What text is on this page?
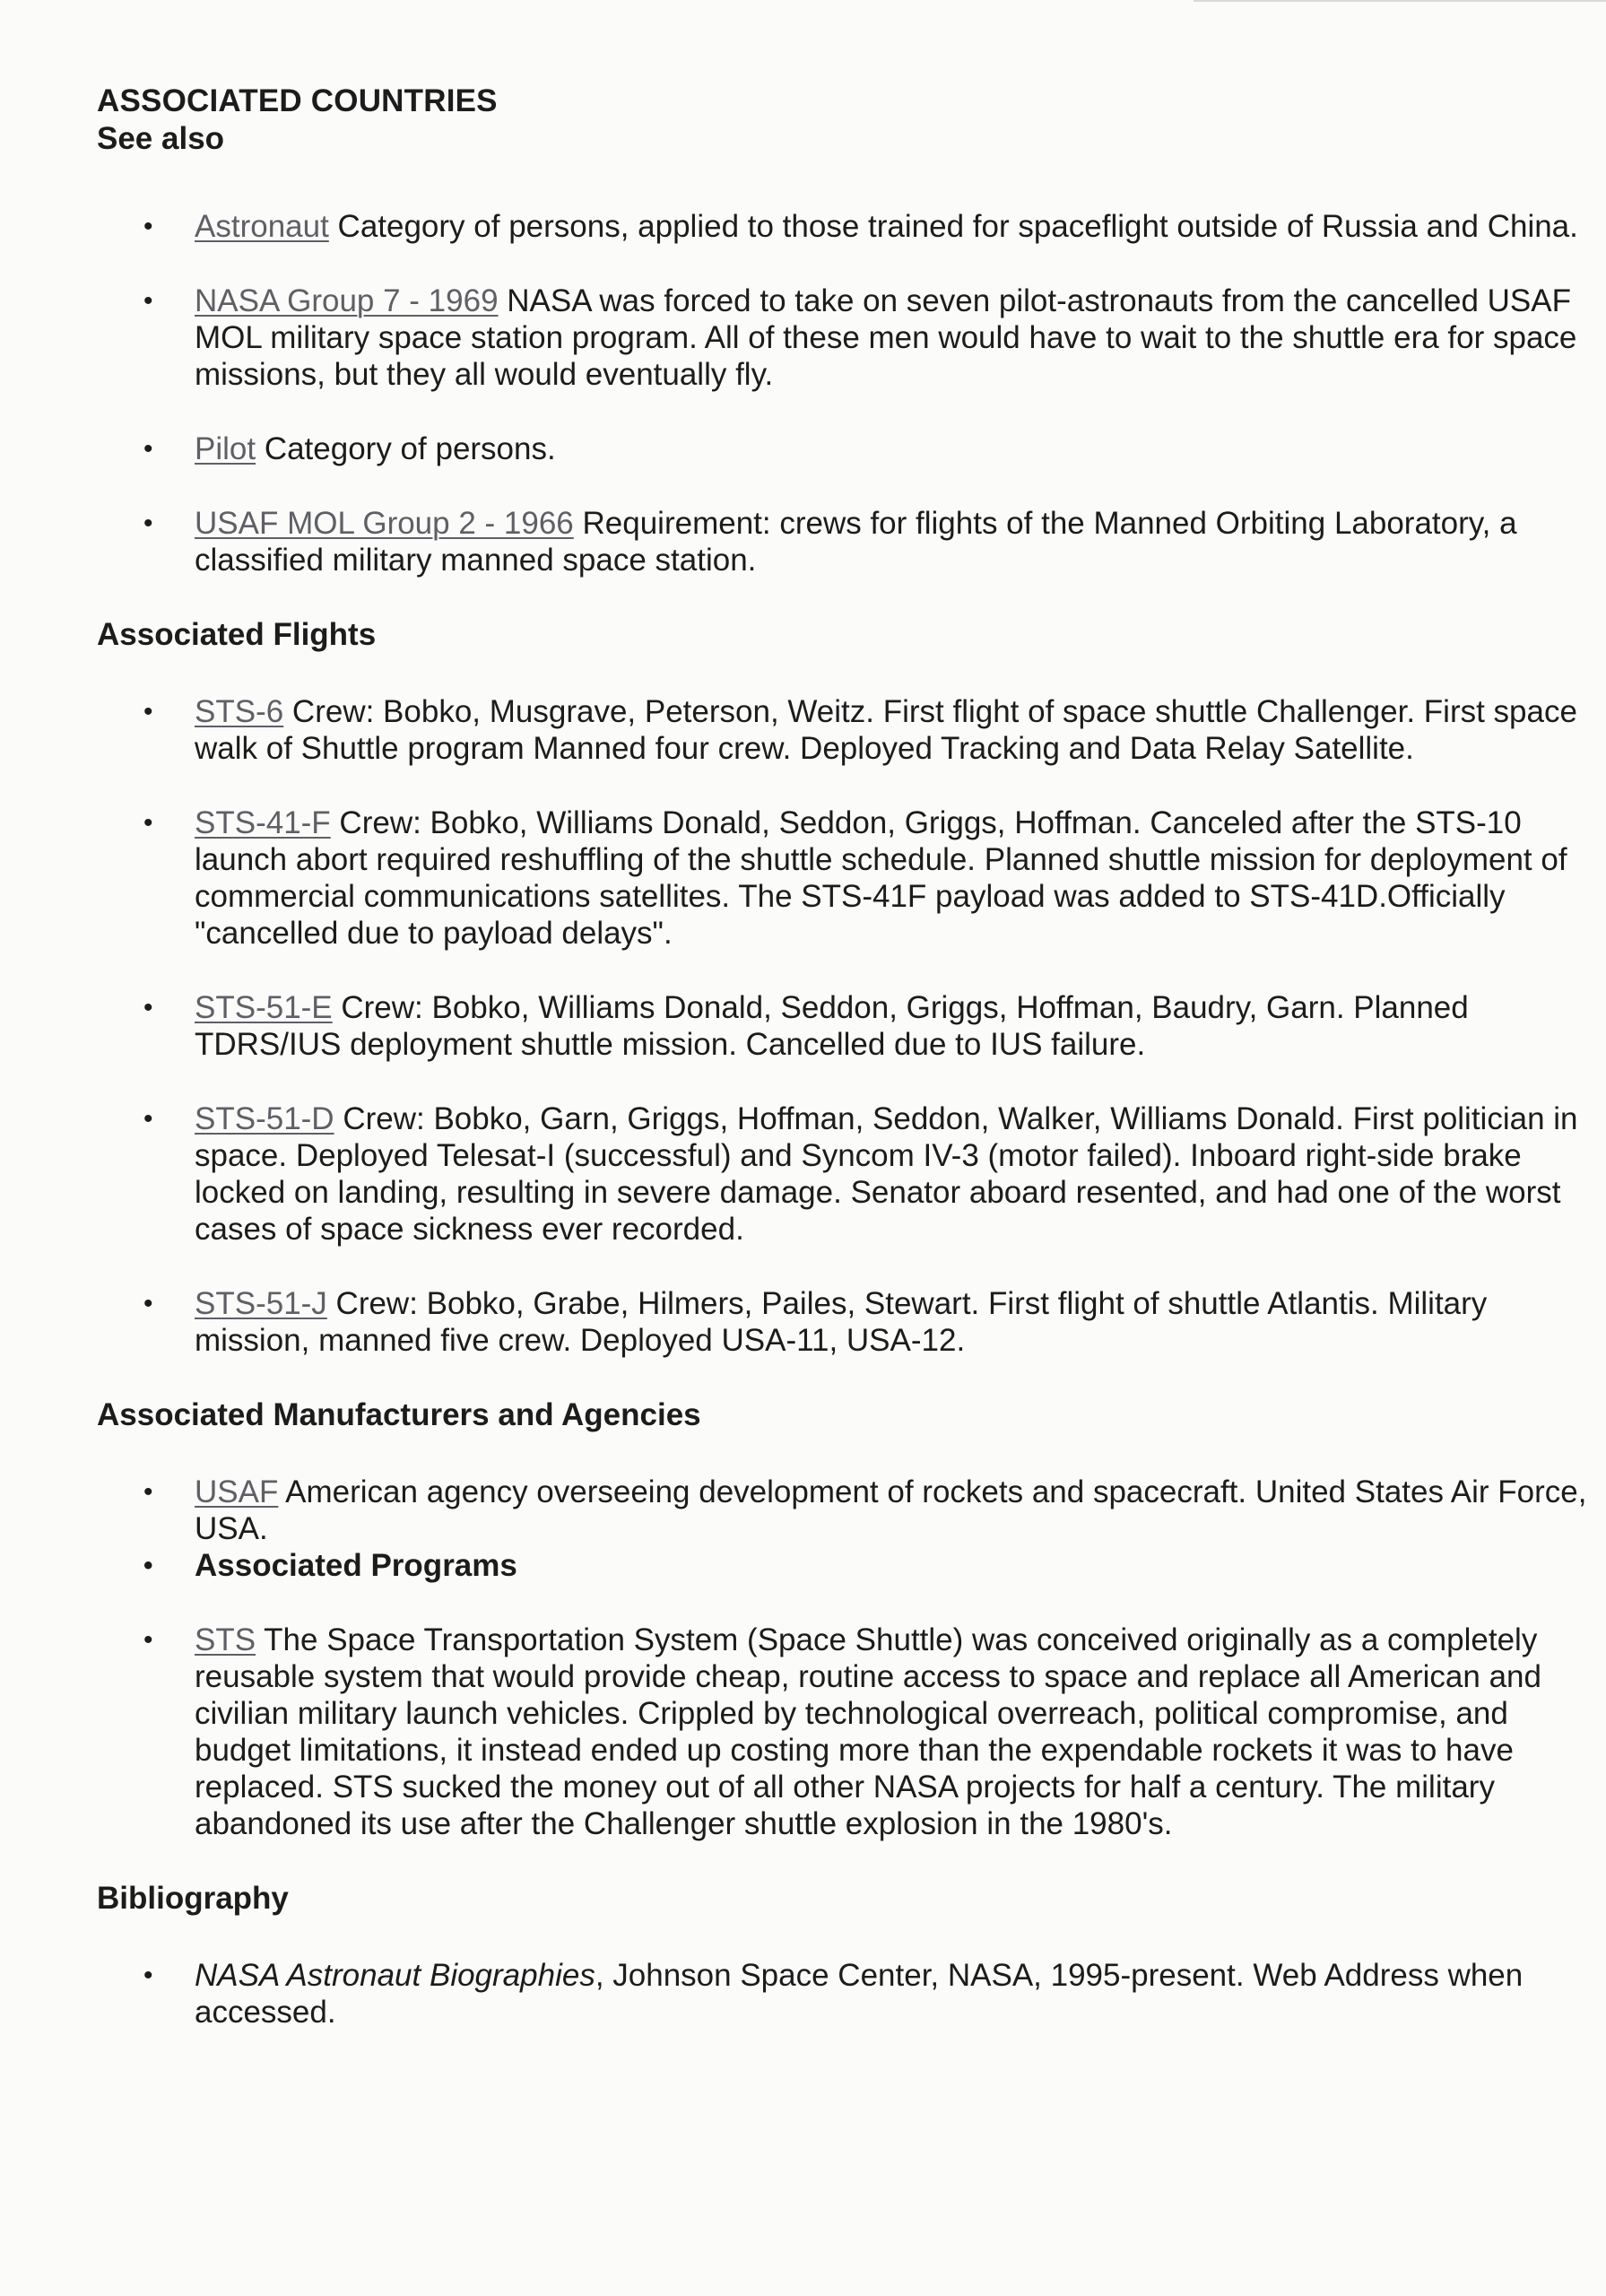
ASSOCIATED COUNTRIES
See also
• Astronaut Category of persons, applied to those trained for spaceflight outside of Russia and China.
• NASA Group 7 - 1969 NASA was forced to take on seven pilot-astronauts from the cancelled USAF MOL military space station program. All of these men would have to wait to the shuttle era for space missions, but they all would eventually fly.
• Pilot Category of persons.
• USAF MOL Group 2 - 1966 Requirement: crews for flights of the Manned Orbiting Laboratory, a classified military manned space station.
Associated Flights
• STS-6 Crew: Bobko, Musgrave, Peterson, Weitz. First flight of space shuttle Challenger. First space walk of Shuttle program Manned four crew. Deployed Tracking and Data Relay Satellite.
• STS-41-F Crew: Bobko, Williams Donald, Seddon, Griggs, Hoffman. Canceled after the STS-10 launch abort required reshuffling of the shuttle schedule. Planned shuttle mission for deployment of commercial communications satellites. The STS-41F payload was added to STS-41D.Officially "cancelled due to payload delays".
• STS-51-E Crew: Bobko, Williams Donald, Seddon, Griggs, Hoffman, Baudry, Garn. Planned TDRS/IUS deployment shuttle mission. Cancelled due to IUS failure.
• STS-51-D Crew: Bobko, Garn, Griggs, Hoffman, Seddon, Walker, Williams Donald. First politician in space. Deployed Telesat-I (successful) and Syncom IV-3 (motor failed). Inboard right-side brake locked on landing, resulting in severe damage. Senator aboard resented, and had one of the worst cases of space sickness ever recorded.
• STS-51-J Crew: Bobko, Grabe, Hilmers, Pailes, Stewart. First flight of shuttle Atlantis. Military mission, manned five crew. Deployed USA-11, USA-12.
Associated Manufacturers and Agencies
• USAF American agency overseeing development of rockets and spacecraft. United States Air Force, USA.
• Associated Programs
• STS The Space Transportation System (Space Shuttle) was conceived originally as a completely reusable system that would provide cheap, routine access to space and replace all American and civilian military launch vehicles. Crippled by technological overreach, political compromise, and budget limitations, it instead ended up costing more than the expendable rockets it was to have replaced. STS sucked the money out of all other NASA projects for half a century. The military abandoned its use after the Challenger shuttle explosion in the 1980's.
Bibliography
• NASA Astronaut Biographies, Johnson Space Center, NASA, 1995-present. Web Address when accessed.
